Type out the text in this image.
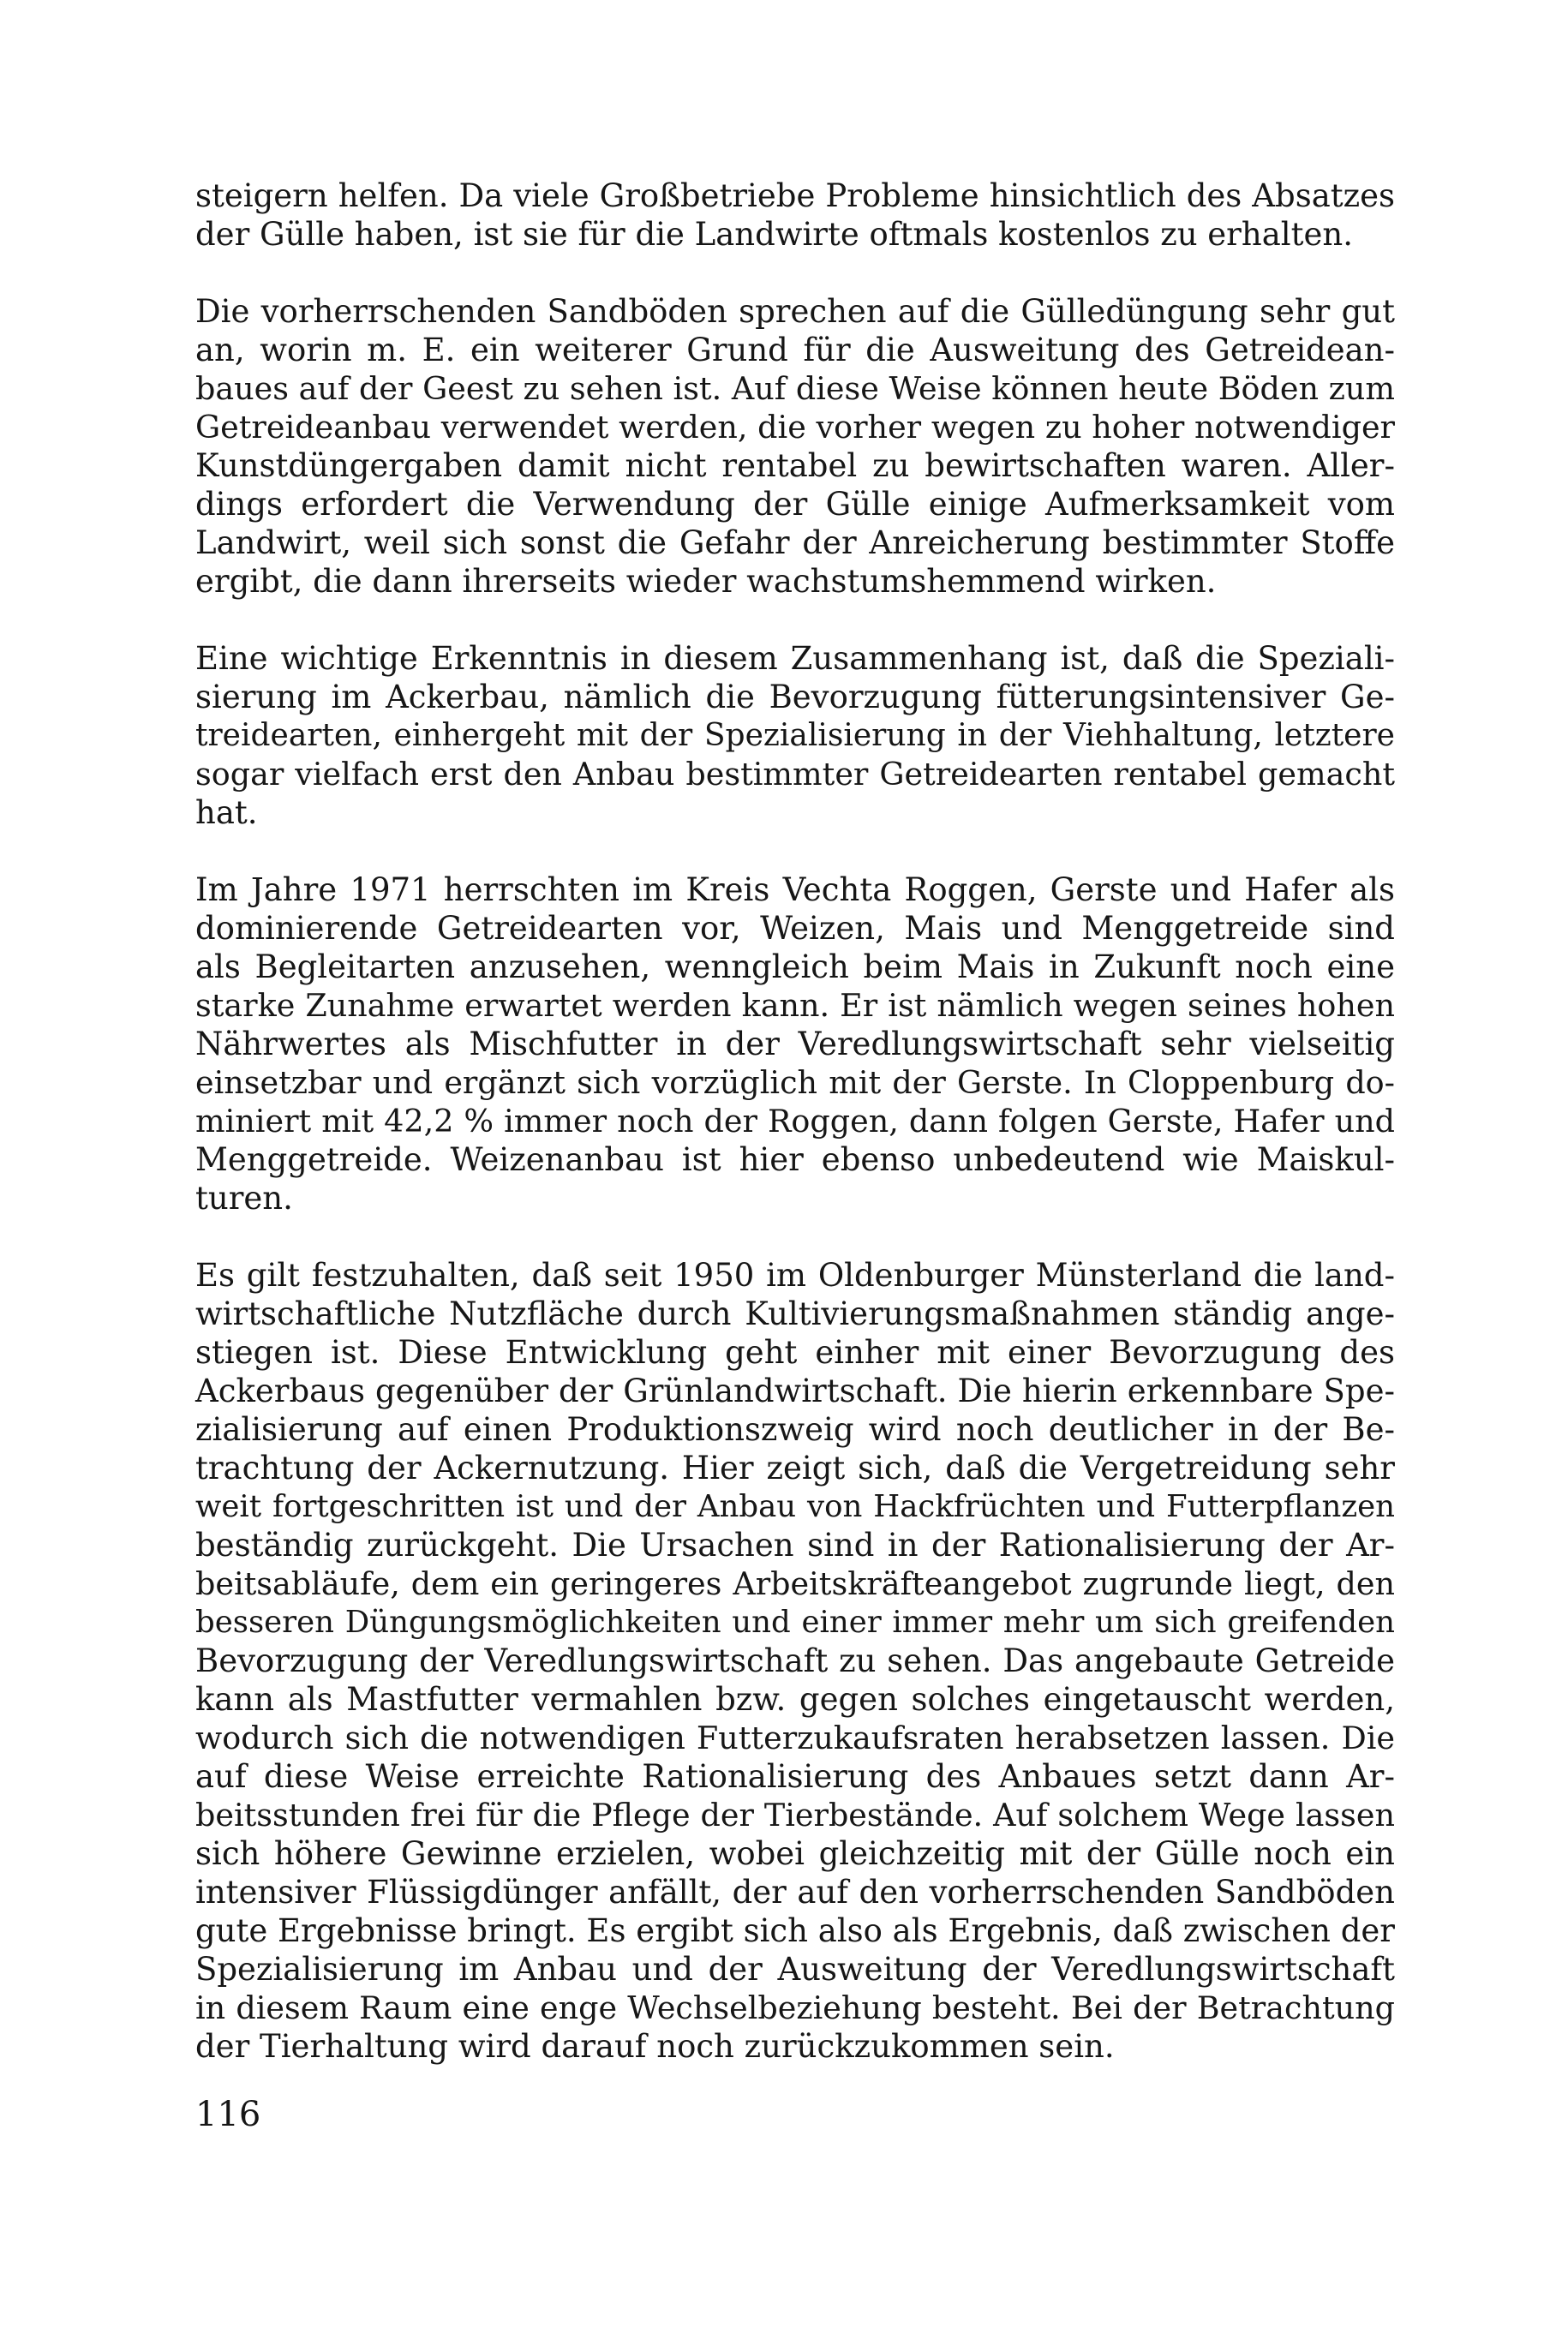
steigern helfen. Da viele Großbetriebe Probleme hinsichtlich des Absatzes
der Gülle haben, ist sie für die Landwirte oftmals kostenlos zu erhalten.
Die vorherrschenden Sandböden sprechen auf die Gülledüngung sehr gut
an, worin m. E. ein weiterer Grund für die Ausweitung des Getreidean-
baues auf der Geest zu sehen ist. Auf diese Weise können heute Böden zum
Getreideanbau verwendet werden, die vorher wegen zu hoher notwendiger
Kunstdüngergaben damit nicht rentabel zu bewirtschaften waren. Aller-
dings erfordert die Verwendung der Gülle einige Aufmerksamkeit vom
Landwirt, weil sich sonst die Gefahr der Anreicherung bestimmter Stoffe
ergibt, die dann ihrerseits wieder wachstumshemmend wirken.
Eine wichtige Erkenntnis in diesem Zusammenhang ist, daß die Speziali-
sierung im Ackerbau, nämlich die Bevorzugung fütterungsintensiver Ge-
treidearten, einhergeht mit der Spezialisierung in der Viehhaltung, letztere
sogar vielfach erst den Anbau bestimmter Getreidearten rentabel gemacht
hat.
Im Jahre 1971 herrschten im Kreis Vechta Roggen, Gerste und Hafer als
dominierende Getreidearten vor, Weizen, Mais und Menggetreide sind
als Begleitarten anzusehen, wenngleich beim Mais in Zukunft noch eine
starke Zunahme erwartet werden kann. Er ist nämlich wegen seines hohen
Nährwertes als Mischfutter in der Veredlungswirtschaft sehr vielseitig
einsetzbar und ergänzt sich vorzüglich mit der Gerste. In Cloppenburg do-
miniert mit 42,2 % immer noch der Roggen, dann folgen Gerste, Hafer und
Menggetreide. Weizenanbau ist hier ebenso unbedeutend wie Maiskul-
turen.
Es gilt festzuhalten, daß seit 1950 im Oldenburger Münsterland die land-
wirtschaftliche Nutzfläche durch Kultivierungsmaßnahmen ständig ange-
stiegen ist. Diese Entwicklung geht einher mit einer Bevorzugung des
Ackerbaus gegenüber der Grünlandwirtschaft. Die hierin erkennbare Spe-
zialisierung auf einen Produktionszweig wird noch deutlicher in der Be-
trachtung der Ackernutzung. Hier zeigt sich, daß die Vergetreidung sehr
weit fortgeschritten ist und der Anbau von Hackfrüchten und Futterpflanzen
beständig zurückgeht. Die Ursachen sind in der Rationalisierung der Ar-
beitsabläufe, dem ein geringeres Arbeitskräfteangebot zugrunde liegt, den
besseren Düngungsmöglichkeiten und einer immer mehr um sich greifenden
Bevorzugung der Veredlungswirtschaft zu sehen. Das angebaute Getreide
kann als Mastfutter vermahlen bzw. gegen solches eingetauscht werden,
wodurch sich die notwendigen Futterzukaufsraten herabsetzen lassen. Die
auf diese Weise erreichte Rationalisierung des Anbaues setzt dann Ar-
beitsstunden frei für die Pflege der Tierbestände. Auf solchem Wege lassen
sich höhere Gewinne erzielen, wobei gleichzeitig mit der Gülle noch ein
intensiver Flüssigdünger anfällt, der auf den vorherrschenden Sandböden
gute Ergebnisse bringt. Es ergibt sich also als Ergebnis, daß zwischen der
Spezialisierung im Anbau und der Ausweitung der Veredlungswirtschaft
in diesem Raum eine enge Wechselbeziehung besteht. Bei der Betrachtung
der Tierhaltung wird darauf noch zurückzukommen sein.
116
